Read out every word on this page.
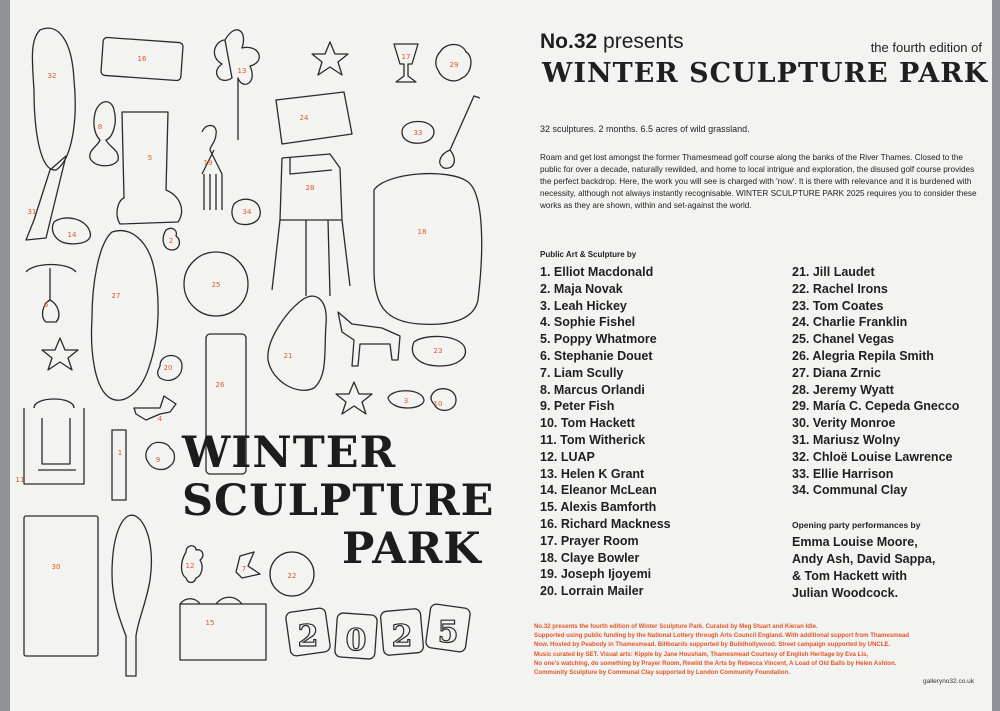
2 0 2 5
1
2
3
4
5
6
7
8
9
10
11
12
13
14
15
16	17
18
19
20
21
22
23
24
25
26
27
28
29
30
31
32
33
34
WINTER
SCULPTURE
PARK
No.32 presents	the fourth edition of
WINTER SCULPTURE PARK
32 sculptures. 2 months. 6.5 acres of wild grassland.
Roam and get lost amongst the former Thamesmead golf course along the banks of the River Thames. Closed to the public for over a decade, naturally rewilded, and home to local intrigue and exploration, the disused golf course provides the perfect backdrop. Here, the work you will see is charged with 'now'. It is there with relevance and it is burdened with necessity, although not always instantly recognisable. WINTER SCULPTURE PARK 2025 requires you to consider these works as they are shown, within and set-against the world.
Public Art & Sculpture by
1. Elliot Macdonald
2. Maja Novak
3. Leah Hickey
4. Sophie Fishel
5. Poppy Whatmore
6. Stephanie Douet
7. Liam Scully
8. Marcus Orlandi
9. Peter Fish
10. Tom Hackett
11. Tom Witherick
12. LUAP
13. Helen K Grant
14. Eleanor McLean
15. Alexis Bamforth
16. Richard Mackness
17. Prayer Room
18. Claye Bowler
19. Joseph Ijoyemi
20. Lorrain Mailer
21. Jill Laudet
22. Rachel Irons
23. Tom Coates
24. Charlie Franklin
25. Chanel Vegas
26. Alegria Repila Smith
27. Diana Zrnic
28. Jeremy Wyatt
29. María C. Cepeda Gnecco
30. Verity Monroe
31. Mariusz Wolny
32. Chloë Louise Lawrence
33. Ellie Harrison
34. Communal Clay
Opening party performances by
Emma Louise Moore,
Andy Ash, David Sappa,
& Tom Hackett with
Julian Woodcock.
No.32 presents the fourth edition of Winter Sculpture Park. Curated by Meg Stuart and Kieran Idle.
Supported using public funding by the National Lottery through Arts Council England. With additional support from Thamesmead
Now. Hosted by Peabody in Thamesmead. Billboards supported by Buildhollywood. Street campaign supported by UNCLE.
Music curated by SET. Visual arts: Kipple by Jane Housham, Thamesmead Courtesy of English Heritage by Eva Lis,
No one's watching, do something by Prayer Room, Rewild the Arts by Rebecca Vincent, A Load of Old Balls by Helen Ashton.
Community Sculpture by Communal Clay supported by London Community Foundation.
galleryno32.co.uk
